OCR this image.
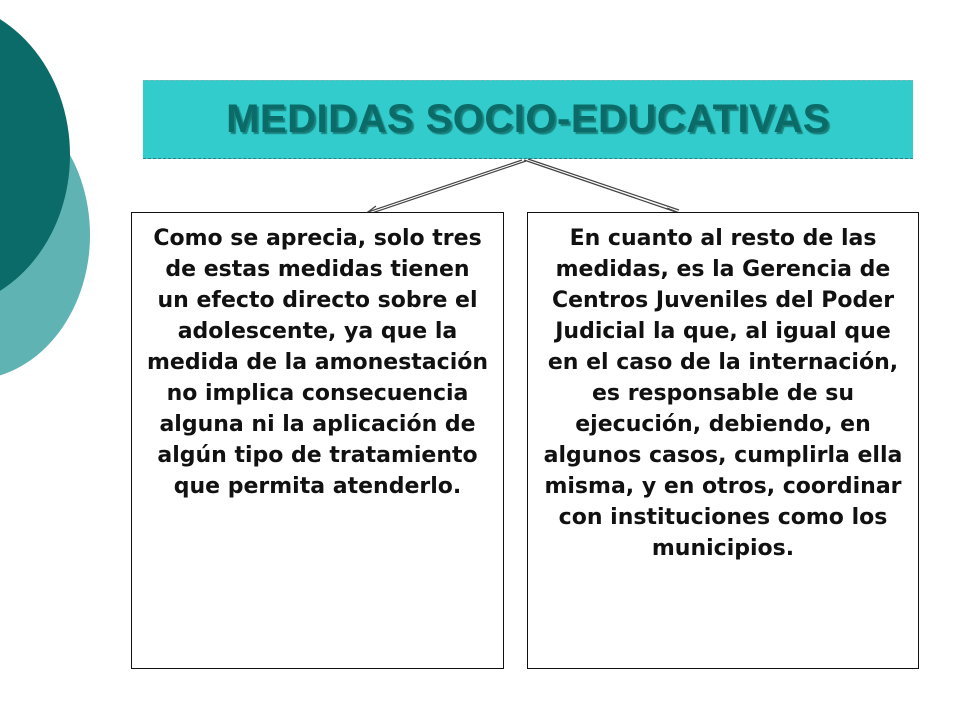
MEDIDAS SOCIO-EDUCATIVAS
Como se aprecia, solo tres de estas medidas tienen un efecto directo sobre el adolescente, ya que la medida de la amonestación no implica consecuencia alguna ni la aplicación de algún tipo de tratamiento que permita atenderlo.
En cuanto al resto de las medidas, es la Gerencia de Centros Juveniles del Poder Judicial la que, al igual que en el caso de la internación, es responsable de su ejecución, debiendo, en algunos casos, cumplirla ella misma, y en otros, coordinar con instituciones como los municipios.
